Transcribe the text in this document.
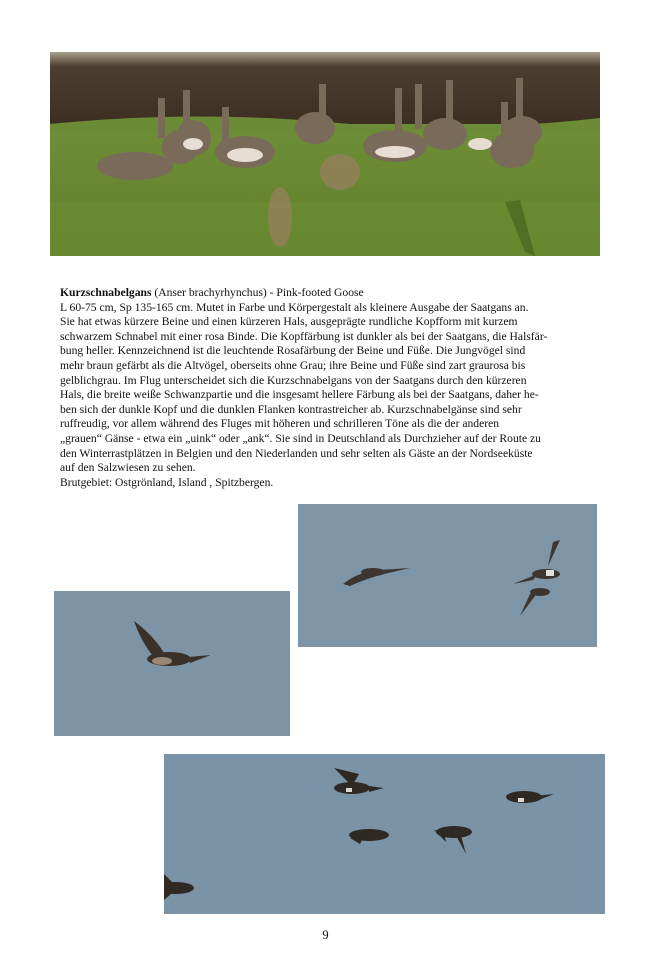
Kurzschnabelgans (Anser brachyrhynchus) - Pink-footed Goose

L 60-75 cm, Sp 135-165 cm. Mutet in Farbe und Körpergestalt als kleinere Ausgabe der Saatgans an.

Sie hat etwas kürzere Beine und einen kürzeren Hals, ausgeprägte rundliche Kopfform mit kurzem

schwarzem Schnabel mit einer rosa Binde. Die Kopffärbung ist dunkler als bei der Saatgans, die Halsfär-

bung heller. Kennzeichnend ist die leuchtende Rosafärbung der Beine und Füße. Die Jungvögel sind

mehr braun gefärbt als die Altvögel, oberseits ohne Grau; ihre Beine und Füße sind zart graurosa bis

gelblichgrau. Im Flug unterscheidet sich die Kurzschnabelgans von der Saatgans durch den kürzeren

Hals, die breite weiße Schwanzpartie und die insgesamt hellere Färbung als bei der Saatgans, daher he-

ben sich der dunkle Kopf und die dunklen Flanken kontrastreicher ab. Kurzschnabelgänse sind sehr

ruffreudig, vor allem während des Fluges mit höheren und schrilleren Töne als die der anderen

„grauen“ Gänse - etwa ein „uink“ oder „ank“. Sie sind in Deutschland als Durchzieher auf der Route zu

den Winterrastplätzen in Belgien und den Niederlanden und sehr selten als Gäste an der Nordseeküste

auf den Salzwiesen zu sehen.

Brutgebiet: Ostgrönland, Island , Spitzbergen.

9
